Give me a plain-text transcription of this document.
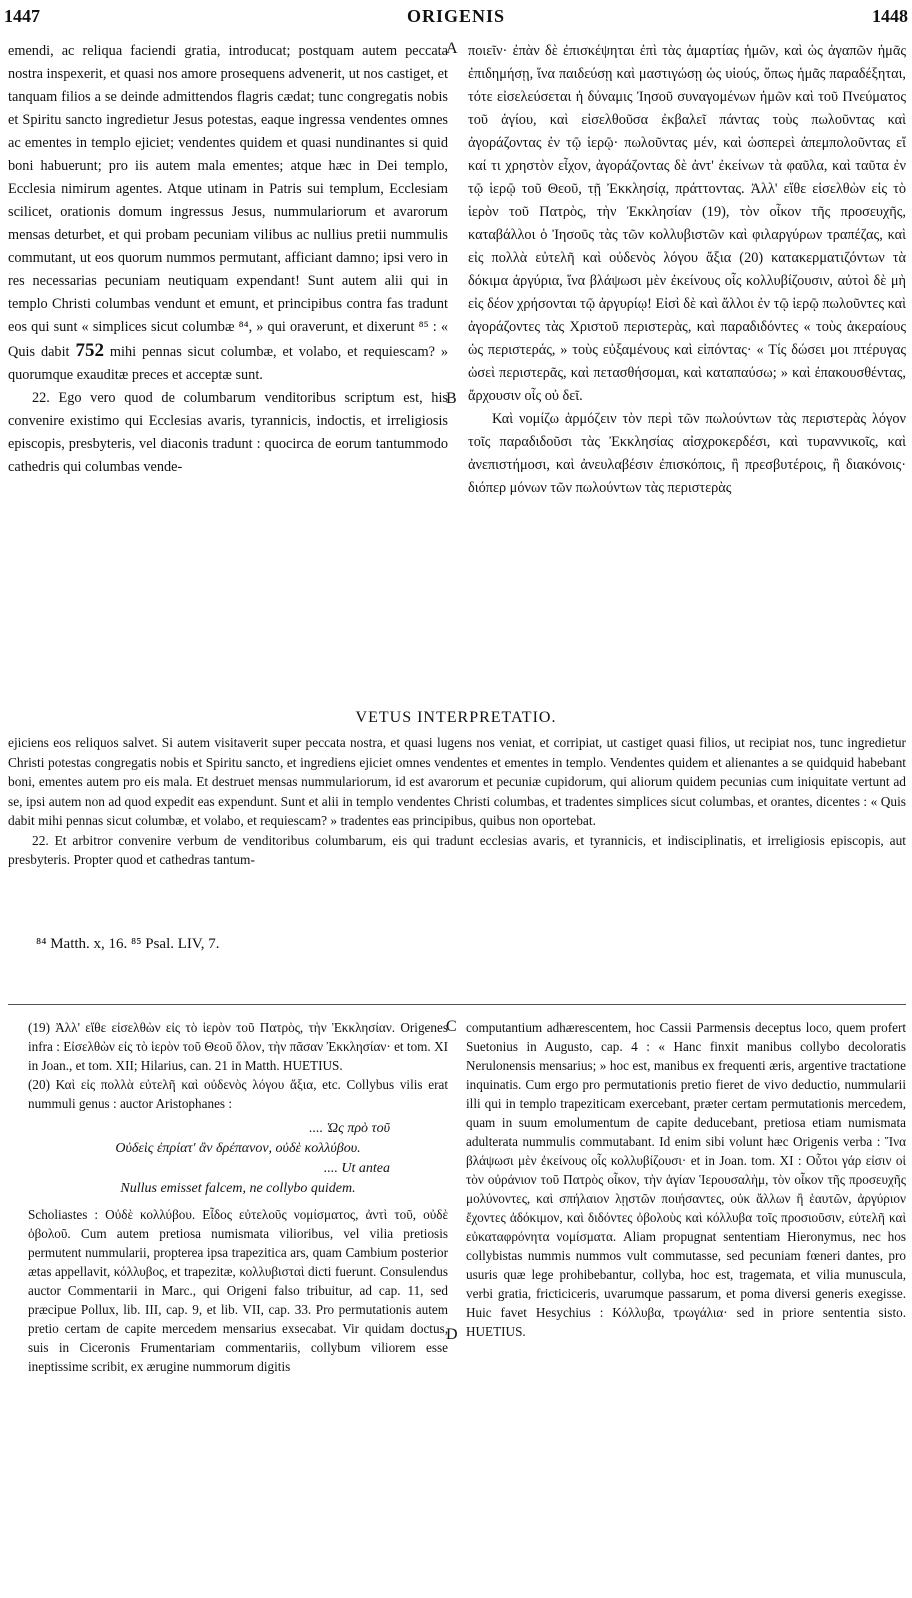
1447	ORIGENIS	1448

emendi, ac reliqua faciendi gratia, introducat; postquam autem peccata nostra inspexerit, et quasi nos amore prosequens advenerit, ut nos castiget, et tanquam filios a se deinde admittendos flagris cædat; tunc congregatis nobis et Spiritu sancto ingredietur Jesus potestas, eaque ingressa vendentes omnes ac ementes in templo ejiciet; vendentes quidem et quasi nundinantes si quid boni habuerunt; pro iis autem mala ementes; atque hæc in Dei templo, Ecclesia nimirum agentes. Atque utinam in Patris sui templum, Ecclesiam scilicet, orationis domum ingressus Jesus, nummulariorum et avarorum mensas deturbet, et qui probam pecuniam vilibus ac nullius pretii nummulis commutant, ut eos quorum nummos permutant, afficiant damno; ipsi vero in res necessarias pecuniam neutiquam expendant! Sunt autem alii qui in templo Christi columbas vendunt et emunt, et principibus contra fas tradunt eos qui sunt « simplices sicut columbæ ⁸⁴, » qui oraverunt, et dixerunt ⁸⁵ : « Quis dabit 752 mihi pennas sicut columbæ, et volabo, et requiescam? » quorumque exauditæ preces et acceptæ sunt.

22. Ego vero quod de columbarum venditoribus scriptum est, his convenire existimo qui Ecclesias avaris, tyrannicis, indoctis, et irreligiosis episcopis, presbyteris, vel diaconis tradunt : quocirca de eorum tantummodo cathedris qui columbas vende-

A
B

ποιεῖν· ἐπὰν δὲ ἐπισκέψηται ἐπὶ τὰς ἁμαρτίας ἡμῶν, καὶ ὡς ἀγαπῶν ἡμᾶς ἐπιδημήσῃ, ἵνα παιδεύσῃ καὶ μαστιγώσῃ ὡς υἱούς, ὅπως ἡμᾶς παραδέξηται, τότε εἰσελεύσεται ἡ δύναμις Ἰησοῦ συναγομένων ἡμῶν καὶ τοῦ Πνεύματος τοῦ ἁγίου, καὶ εἰσελθοῦσα ἐκβαλεῖ πάντας τοὺς πωλοῦντας καὶ ἀγοράζοντας ἐν τῷ ἱερῷ· πωλοῦντας μέν, καὶ ὡσπερεὶ ἀπεμπολοῦντας εἴ καί τι χρηστὸν εἶχον, ἀγοράζοντας δὲ ἀντ' ἐκείνων τὰ φαῦλα, καὶ ταῦτα ἐν τῷ ἱερῷ τοῦ Θεοῦ, τῇ Ἐκκλησίᾳ, πράττοντας. Ἀλλ' εἴθε εἰσελθὼν εἰς τὸ ἱερὸν τοῦ Πατρὸς, τὴν Ἐκκλησίαν (19), τὸν οἶκον τῆς προσευχῆς, καταβάλλοι ὁ Ἰησοῦς τὰς τῶν κολλυβιστῶν καὶ φιλαργύρων τραπέζας, καὶ εἰς πολλὰ εὐτελῆ καὶ οὐδενὸς λόγου ἄξια (20) κατακερματιζόντων τὰ δόκιμα ἀργύρια, ἵνα βλάψωσι μὲν ἐκείνους οἷς κολλυβίζουσιν, αὐτοὶ δὲ μὴ εἰς δέον χρήσονται τῷ ἀργυρίῳ! Εἰσὶ δὲ καὶ ἄλλοι ἐν τῷ ἱερῷ πωλοῦντες καὶ ἀγοράζοντες τὰς Χριστοῦ περιστερὰς, καὶ παραδιδόντες « τοὺς ἀκεραίους ὡς περιστεράς, » τοὺς εὐξαμένους καὶ εἰπόντας· « Τίς δώσει μοι πτέρυγας ὡσεὶ περιστερᾶς, καὶ πετασθήσομαι, καὶ καταπαύσω; » καὶ ἐπακουσθέντας, ἄρχουσιν οἷς οὐ δεῖ.

Καὶ νομίζω ἁρμόζειν τὸν περὶ τῶν πωλούντων τὰς περιστερὰς λόγον τοῖς παραδιδοῦσι τὰς Ἐκκλησίας αἰσχροκερδέσι, καὶ τυραννικοῖς, καὶ ἀνεπιστήμοσι, καὶ ἀνευλαβέσιν ἐπισκόποις, ἢ πρεσβυτέροις, ἢ διακόνοις· διόπερ μόνων τῶν πωλούντων τὰς περιστερὰς

VETUS INTERPRETATIO.

ejiciens eos reliquos salvet. Si autem visitaverit super peccata nostra, et quasi lugens nos veniat, et corripiat, ut castiget quasi filios, ut recipiat nos, tunc ingredietur Christi potestas congregatis nobis et Spiritu sancto, et ingrediens ejiciet omnes vendentes et ementes in templo. Vendentes quidem et alienantes a se quidquid habebant boni, ementes autem pro eis mala. Et destruet mensas nummulariorum, id est avarorum et pecuniæ cupidorum, qui aliorum quidem pecunias cum iniquitate vertunt ad se, ipsi autem non ad quod expedit eas expendunt. Sunt et alii in templo vendentes Christi columbas, et tradentes simplices sicut columbas, et orantes, dicentes : « Quis dabit mihi pennas sicut columbæ, et volabo, et requiescam? » tradentes eas principibus, quibus non oportebat.

22. Et arbitror convenire verbum de venditoribus columbarum, eis qui tradunt ecclesias avaris, et tyrannicis, et indisciplinatis, et irreligiosis episcopis, aut presbyteris. Propter quod et cathedras tantum-

⁸⁴ Matth. x, 16. ⁸⁵ Psal. LIV, 7.
C
D

(19) Ἀλλ' εἴθε εἰσελθὼν εἰς τὸ ἱερὸν τοῦ Πατρὸς, τὴν Ἐκκλησίαν. Origenes infra : Εἰσελθὼν εἰς τὸ ἱερὸν τοῦ Θεοῦ ὅλον, τὴν πᾶσαν Ἐκκλησίαν· et tom. XI in Joan., et tom. XII; Hilarius, can. 21 in Matth. HUETIUS.

(20) Καὶ εἰς πολλὰ εὐτελῆ καὶ οὐδενὸς λόγου ἄξια, etc. Collybus vilis erat nummuli genus : auctor Aristophanes :

.... Ὡς πρὸ τοῦ
Οὐδεὶς ἐπρίατ' ἂν δρέπανον, οὐδὲ κολλύβου.
.... Ut antea
Nullus emisset falcem, ne collybo quidem.

Scholiastes : Οὐδὲ κολλύβου. Εἶδος εὐτελοῦς νομίσματος, ἀντὶ τοῦ, οὐδὲ ὀβολοῦ. Cum autem pretiosa numismata vilioribus, vel vilia pretiosis permutent nummularii, propterea ipsa trapezitica ars, quam Cambium posterior ætas appellavit, κόλλυβος, et trapezitæ, κολλυβισταὶ dicti fuerunt. Consulendus auctor Commentarii in Marc., qui Origeni falso tribuitur, ad cap. 11, sed præcipue Pollux, lib. III, cap. 9, et lib. VII, cap. 33. Pro permutationis autem pretio certam de capite mercedem mensarius exsecabat. Vir quidam doctus, suis in Ciceronis Frumentariam commentariis, collybum viliorem esse ineptissime scribit, ex ærugine nummorum digitis

computantium adhærescentem, hoc Cassii Parmensis deceptus loco, quem profert Suetonius in Augusto, cap. 4 : « Hanc finxit manibus collybo decoloratis Nerulonensis mensarius; » hoc est, manibus ex frequenti æris, argentive tractatione inquinatis. Cum ergo pro permutationis pretio fieret de vivo deductio, nummularii illi qui in templo trapeziticam exercebant, præter certam permutationis mercedem, quam in suum emolumentum de capite deducebant, pretiosa etiam numismata adulterata nummulis commutabant. Id enim sibi volunt hæc Origenis verba : Ἵνα βλάψωσι μὲν ἐκείνους οἷς κολλυβίζουσι· et in Joan. tom. XI : Οὗτοι γάρ εἰσιν οἱ τὸν οὐράνιον τοῦ Πατρὸς οἶκον, τὴν ἁγίαν Ἱερουσαλὴμ, τὸν οἶκον τῆς προσευχῆς μολύνοντες, καὶ σπήλαιον λῃστῶν ποιήσαντες, οὐκ ἄλλων ἢ ἑαυτῶν, ἀργύριον ἔχοντες ἀδόκιμον, καὶ διδόντες ὀβολοὺς καὶ κόλλυβα τοῖς προσιοῦσιν, εὐτελῆ καὶ εὐκαταφρόνητα νομίσματα. Aliam propugnat sententiam Hieronymus, nec hos collybistas nummis nummos vult commutasse, sed pecuniam fœneri dantes, pro usuris quæ lege prohibebantur, collyba, hoc est, tragemata, et vilia munuscula, verbi gratia, fricticiceris, uvarumque passarum, et poma diversi generis exegisse. Huic favet Hesychius : Κόλλυβα, τρωγάλια· sed in priore sententia sisto. HUETIUS.
